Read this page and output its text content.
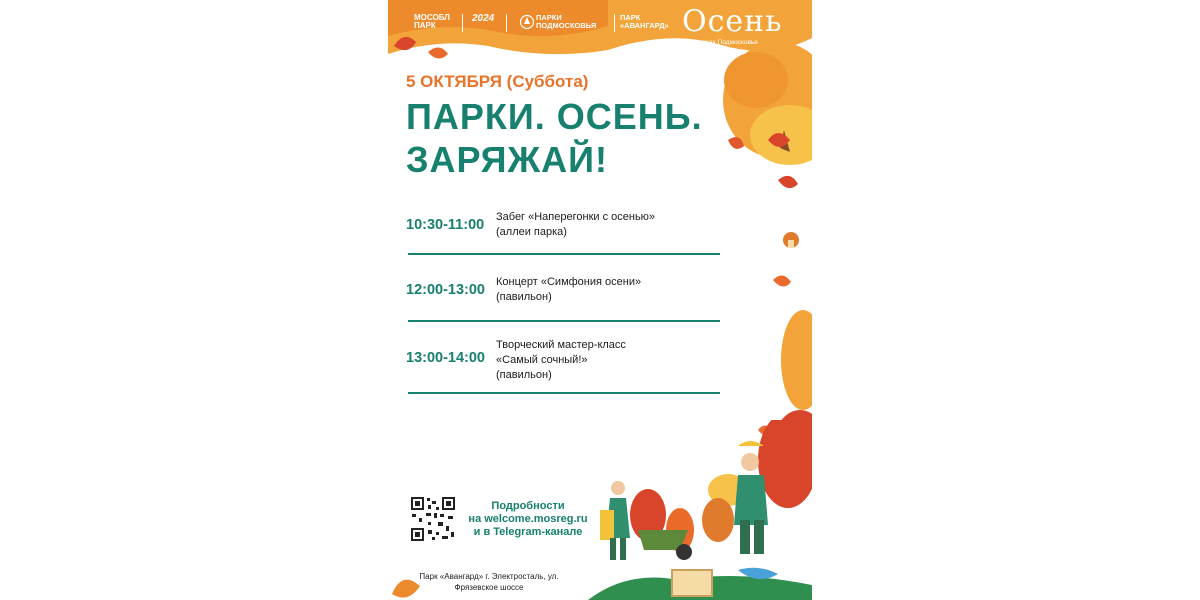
МОСОБЛ ПАРК
2024	ПАРКИ ПОДМОСКОВЬЯ
ПАРК «АВАНГАРД» Осень
в парках Подмосковья
5 ОКТЯБРЯ (Суббота)
ПАРКИ. ОСЕНЬ.
ЗАРЯЖАЙ!
10:30-11:00 Забег «Наперегонки с осенью»
(аллеи парка)
12:00-13:00 Концерт «Симфония осени»
(павильон)
13:00-14:00
Творческий мастер-класс
«Самый сочный!»
(павильон)
Подробности
на welcome.mosreg.ru
и в Telegram-канале
Парк «Авангард» г. Электросталь, ул.
Фрязевское шоссе
